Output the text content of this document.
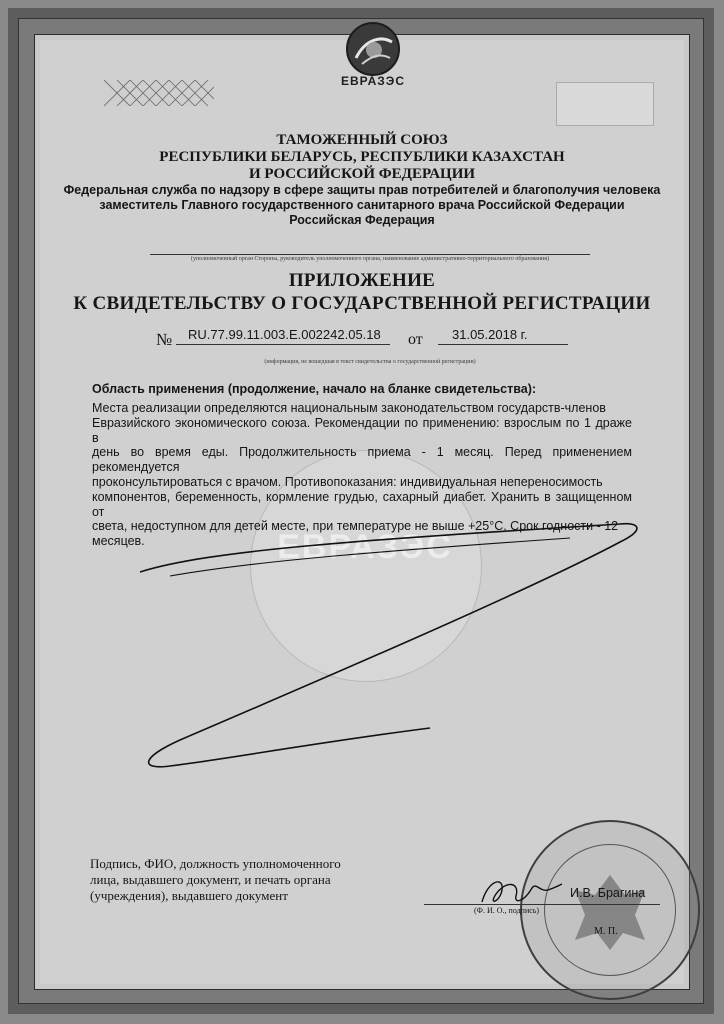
ЕВРАЗЭС
ТАМОЖЕННЫЙ СОЮЗ
РЕСПУБЛИКИ БЕЛАРУСЬ, РЕСПУБЛИКИ КАЗАХСТАН
И РОССИЙСКОЙ ФЕДЕРАЦИИ
Федеральная служба по надзору в сфере защиты прав потребителей и благополучия человека
заместитель Главного государственного санитарного врача Российской Федерации
Российская Федерация
(уполномоченный орган Стороны, руководитель уполномоченного органа, наименование административно-территориального образования)
ЕВРАЗЭС
ПРИЛОЖЕНИЕ
К СВИДЕТЕЛЬСТВУ О ГОСУДАРСТВЕННОЙ РЕГИСТРАЦИИ
№ RU.77.99.11.003.E.002242.05.18 от 31.05.2018 г.
(информация, не вошедшая в текст свидетельства о государственной регистрации)
Область применения (продолжение, начало на бланке свидетельства):
Места реализации определяются национальным законодательством государств-членов
Евразийского экономического союза. Рекомендации по применению: взрослым по 1 драже в
день во время еды. Продолжительность приема - 1 месяц. Перед применением рекомендуется
проконсультироваться с врачом. Противопоказания: индивидуальная непереносимость
компонентов, беременность, кормление грудью, сахарный диабет. Хранить в защищенном от
света, недоступном для детей месте, при температуре не выше +25°С. Срок годности - 12
месяцев.
Подпись, ФИО, должность уполномоченного
лица, выдавшего документ, и печать органа
(учреждения), выдавшего документ	И.В. Брагина
(Ф. И. О., подпись)
М. П.
